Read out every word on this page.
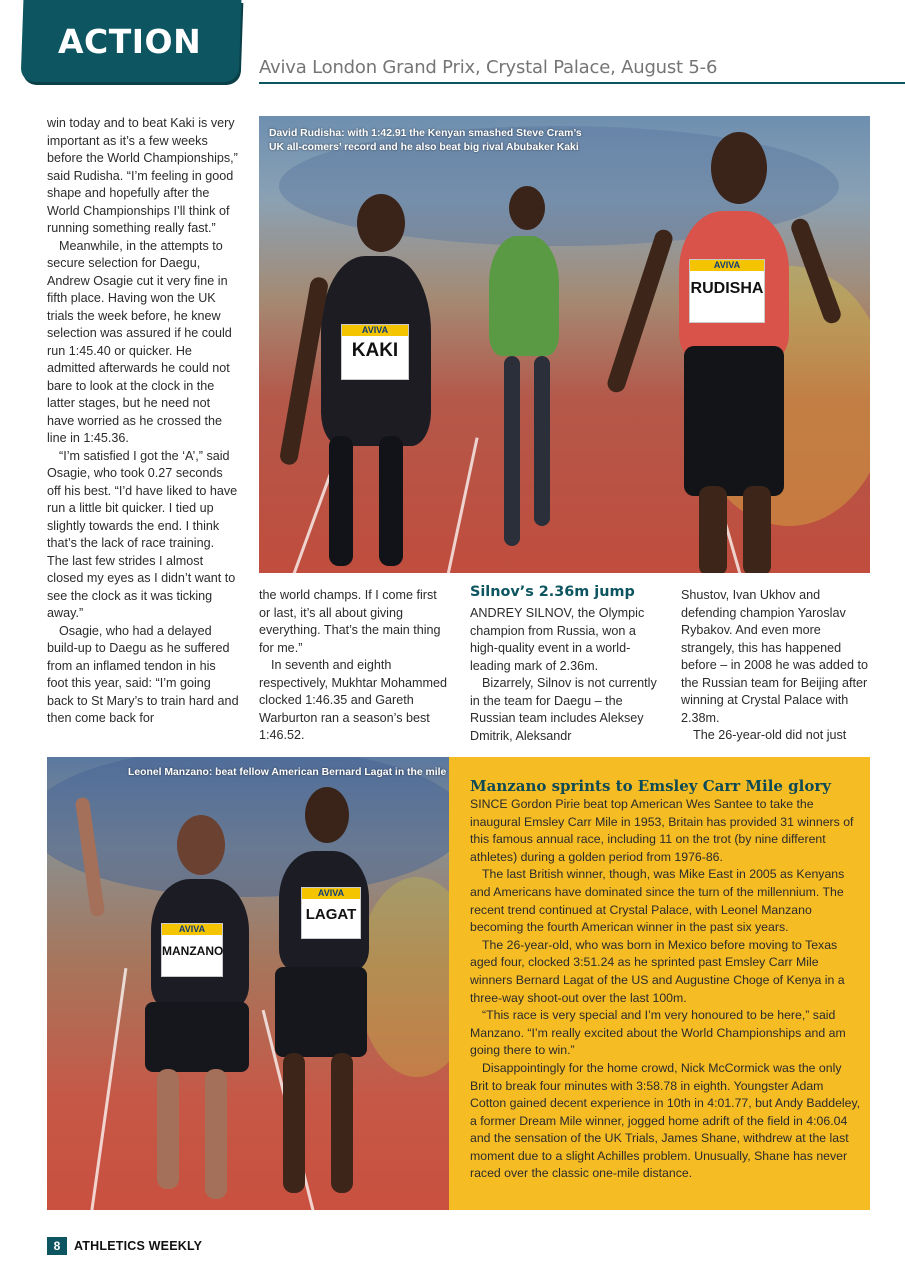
ACTION
Aviva London Grand Prix, Crystal Palace, August 5-6

win today and to beat Kaki is very important as it’s a few weeks before the World Championships,” said Rudisha. “I’m feeling in good shape and hopefully after the World Championships I’ll think of running something really fast.”

Meanwhile, in the attempts to secure selection for Daegu, Andrew Osagie cut it very fine in fifth place. Having won the UK trials the week before, he knew selection was assured if he could run 1:45.40 or quicker. He admitted afterwards he could not bare to look at the clock in the latter stages, but he need not have worried as he crossed the line in 1:45.36.

“I’m satisfied I got the ‘A’,” said Osagie, who took 0.27 seconds off his best. “I’d have liked to have run a little bit quicker. I tied up slightly towards the end. I think that’s the lack of race training. The last few strides I almost closed my eyes as I didn’t want to see the clock as it was ticking away.”

Osagie, who had a delayed build-up to Daegu as he suffered from an inflamed tendon in his foot this year, said: “I’m going back to St Mary’s to train hard and then come back for

AVIVA
KAKI
AVIVA
RUDISHA
David Rudisha: with 1:42.91 the Kenyan smashed Steve Cram’s
UK all-comers’ record and he also beat big rival Abubaker Kaki

the world champs. If I come first or last, it’s all about giving everything. That’s the main thing for me.”

In seventh and eighth respectively, Mukhtar Mohammed clocked 1:46.35 and Gareth Warburton ran a season’s best 1:46.52.

Silnov’s 2.36m jump

ANDREY SILNOV, the Olympic champion from Russia, won a high-quality event in a world-leading mark of 2.36m.

Bizarrely, Silnov is not currently in the team for Daegu – the Russian team includes Aleksey Dmitrik, Aleksandr

Shustov, Ivan Ukhov and defending champion Yaroslav Rybakov. And even more strangely, this has happened before – in 2008 he was added to the Russian team for Beijing after winning at Crystal Palace with 2.38m.

The 26-year-old did not just

AVIVA
MANZANO
AVIVA
LAGAT
Leonel Manzano: beat fellow American Bernard Lagat in the mile
Manzano sprints to Emsley Carr Mile glory

SINCE Gordon Pirie beat top American Wes Santee to take the inaugural Emsley Carr Mile in 1953, Britain has provided 31 winners of this famous annual race, including 11 on the trot (by nine different athletes) during a golden period from 1976-86.

The last British winner, though, was Mike East in 2005 as Kenyans and Americans have dominated since the turn of the millennium. The recent trend continued at Crystal Palace, with Leonel Manzano becoming the fourth American winner in the past six years.

The 26-year-old, who was born in Mexico before moving to Texas aged four, clocked 3:51.24 as he sprinted past Emsley Carr Mile winners Bernard Lagat of the US and Augustine Choge of Kenya in a three-way shoot-out over the last 100m.

“This race is very special and I’m very honoured to be here,” said Manzano. “I’m really excited about the World Championships and am going there to win.”

Disappointingly for the home crowd, Nick McCormick was the only Brit to break four minutes with 3:58.78 in eighth. Youngster Adam Cotton gained decent experience in 10th in 4:01.77, but Andy Baddeley, a former Dream Mile winner, jogged home adrift of the field in 4:06.04 and the sensation of the UK Trials, James Shane, withdrew at the last moment due to a slight Achilles problem. Unusually, Shane has never raced over the classic one-mile distance.

8	ATHLETICS WEEKLY
